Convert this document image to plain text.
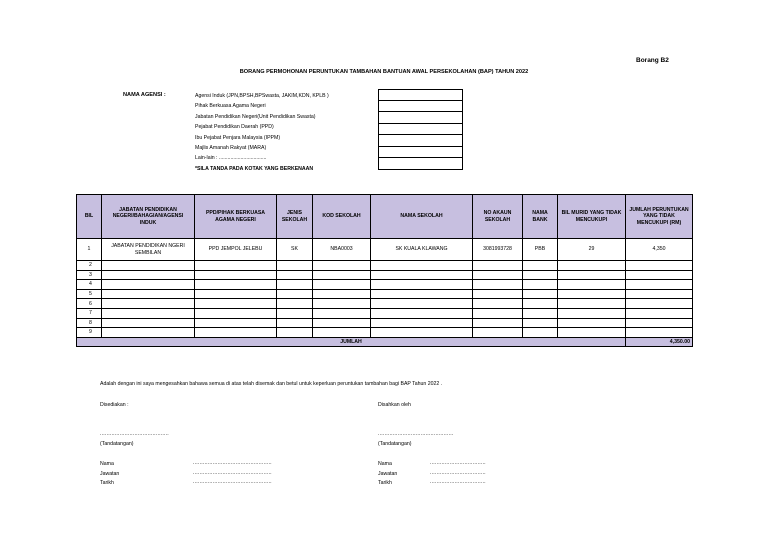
Borang B2
BORANG PERMOHONAN PERUNTUKAN TAMBAHAN BANTUAN AWAL PERSEKOLAHAN (BAP) TAHUN 2022
NAMA AGENSI :	Agensi Induk (JPN,BPSH,BPSwasta, JAKIM,KDN, KPLB )
Pihak Berkuasa Agama Negeri
Jabatan Pendidikan Negeri(Unit Pendidikan Swasta)
Pejabat Pendidikan Daerah (PPD)
Ibu Pejabat Penjara Malaysia (IPPM)
Majlis Amanah Rakyat (MARA)
Lain-lain : .................................
*SILA TANDA PADA KOTAK YANG BERKENAAN
BIL	JABATAN PENDIDIKAN NEGERI/BAHAGIAN/AGENSI INDUK	PPD/PIHAK BERKUASA AGAMA NEGERI	JENIS SEKOLAH	KOD SEKOLAH	NAMA SEKOLAH	NO AKAUN SEKOLAH	NAMA BANK	BIL MURID YANG TIDAK MENCUKUPI	JUMLAH PERUNTUKAN YANG TIDAK MENCUKUPI (RM)
1	JABATAN PENDIDIKAN NGERI SEMBILAN	PPD JEMPOL JELEBU	SK	NBA0003	SK KUALA KLAWANG	3081993728	PBB	29	4,350
2									
3									
4									
5									
6									
7									
8									
9									
JUMLAH									4,350.00
Adalah dengan ini saya mengesahkan bahawa semua di atas telah disemak dan betul untuk keperluan peruntukan tambahan bagi BAP Tahun 2022 .
Disediakan :
..........................................
(Tandatangan)
Nama
Jawatan
Tarikh
................................................
................................................
................................................
Disahkan oleh
..............................................
(Tandatangan)
Nama
Jawatan
Tarikh
..................................
..................................
..................................
